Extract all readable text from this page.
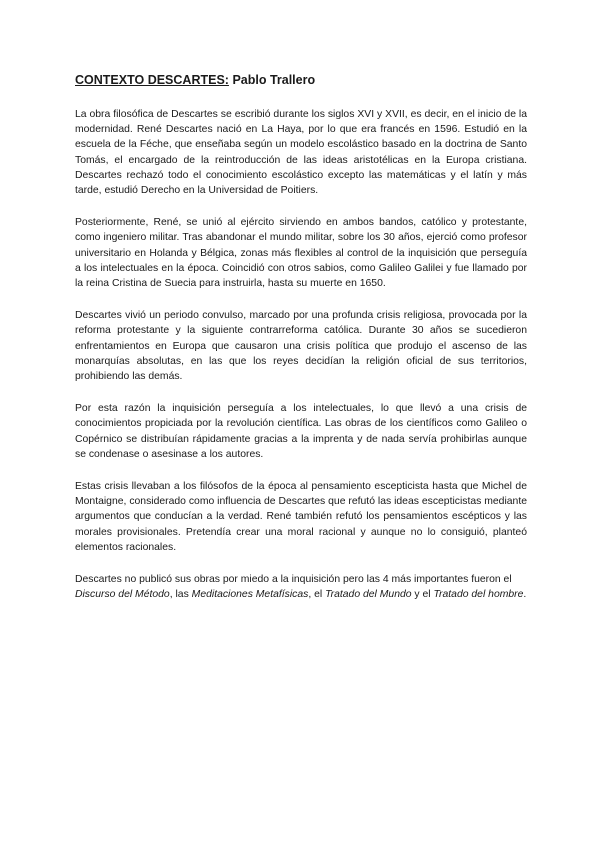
CONTEXTO DESCARTES: Pablo Trallero

La obra filosófica de Descartes se escribió durante los siglos XVI y XVII, es decir, en el inicio de la modernidad. René Descartes nació en La Haya, por lo que era francés en 1596. Estudió en la escuela de la Féche, que enseñaba según un modelo escolástico basado en la doctrina de Santo Tomás, el encargado de la reintroducción de las ideas aristotélicas en la Europa cristiana. Descartes rechazó todo el conocimiento escolástico excepto las matemáticas y el latín y más tarde, estudió Derecho en la Universidad de Poitiers.

Posteriormente, René, se unió al ejército sirviendo en ambos bandos, católico y protestante, como ingeniero militar. Tras abandonar el mundo militar, sobre los 30 años, ejerció como profesor universitario en Holanda y Bélgica, zonas más flexibles al control de la inquisición que perseguía a los intelectuales en la época. Coincidió con otros sabios, como Galileo Galilei y fue llamado por la reina Cristina de Suecia para instruirla, hasta su muerte en 1650.

Descartes vivió un periodo convulso, marcado por una profunda crisis religiosa, provocada por la reforma protestante y la siguiente contrarreforma católica. Durante 30 años se sucedieron enfrentamientos en Europa que causaron una crisis política que produjo el ascenso de las monarquías absolutas, en las que los reyes decidían la religión oficial de sus territorios, prohibiendo las demás.

Por esta razón la inquisición perseguía a los intelectuales, lo que llevó a una crisis de conocimientos propiciada por la revolución científica. Las obras de los científicos como Galileo o Copérnico se distribuían rápidamente gracias a la imprenta y de nada servía prohibirlas aunque se condenase o asesinase a los autores.

Estas crisis llevaban a los filósofos de la época al pensamiento escepticista hasta que Michel de Montaigne, considerado como influencia de Descartes que refutó las ideas escepticistas mediante argumentos que conducían a la verdad. René también refutó los pensamientos escépticos y las morales provisionales. Pretendía crear una moral racional y aunque no lo consiguió, planteó elementos racionales.

Descartes no publicó sus obras por miedo a la inquisición pero las 4 más importantes fueron el Discurso del Método, las Meditaciones Metafísicas, el Tratado del Mundo y el Tratado del hombre.
